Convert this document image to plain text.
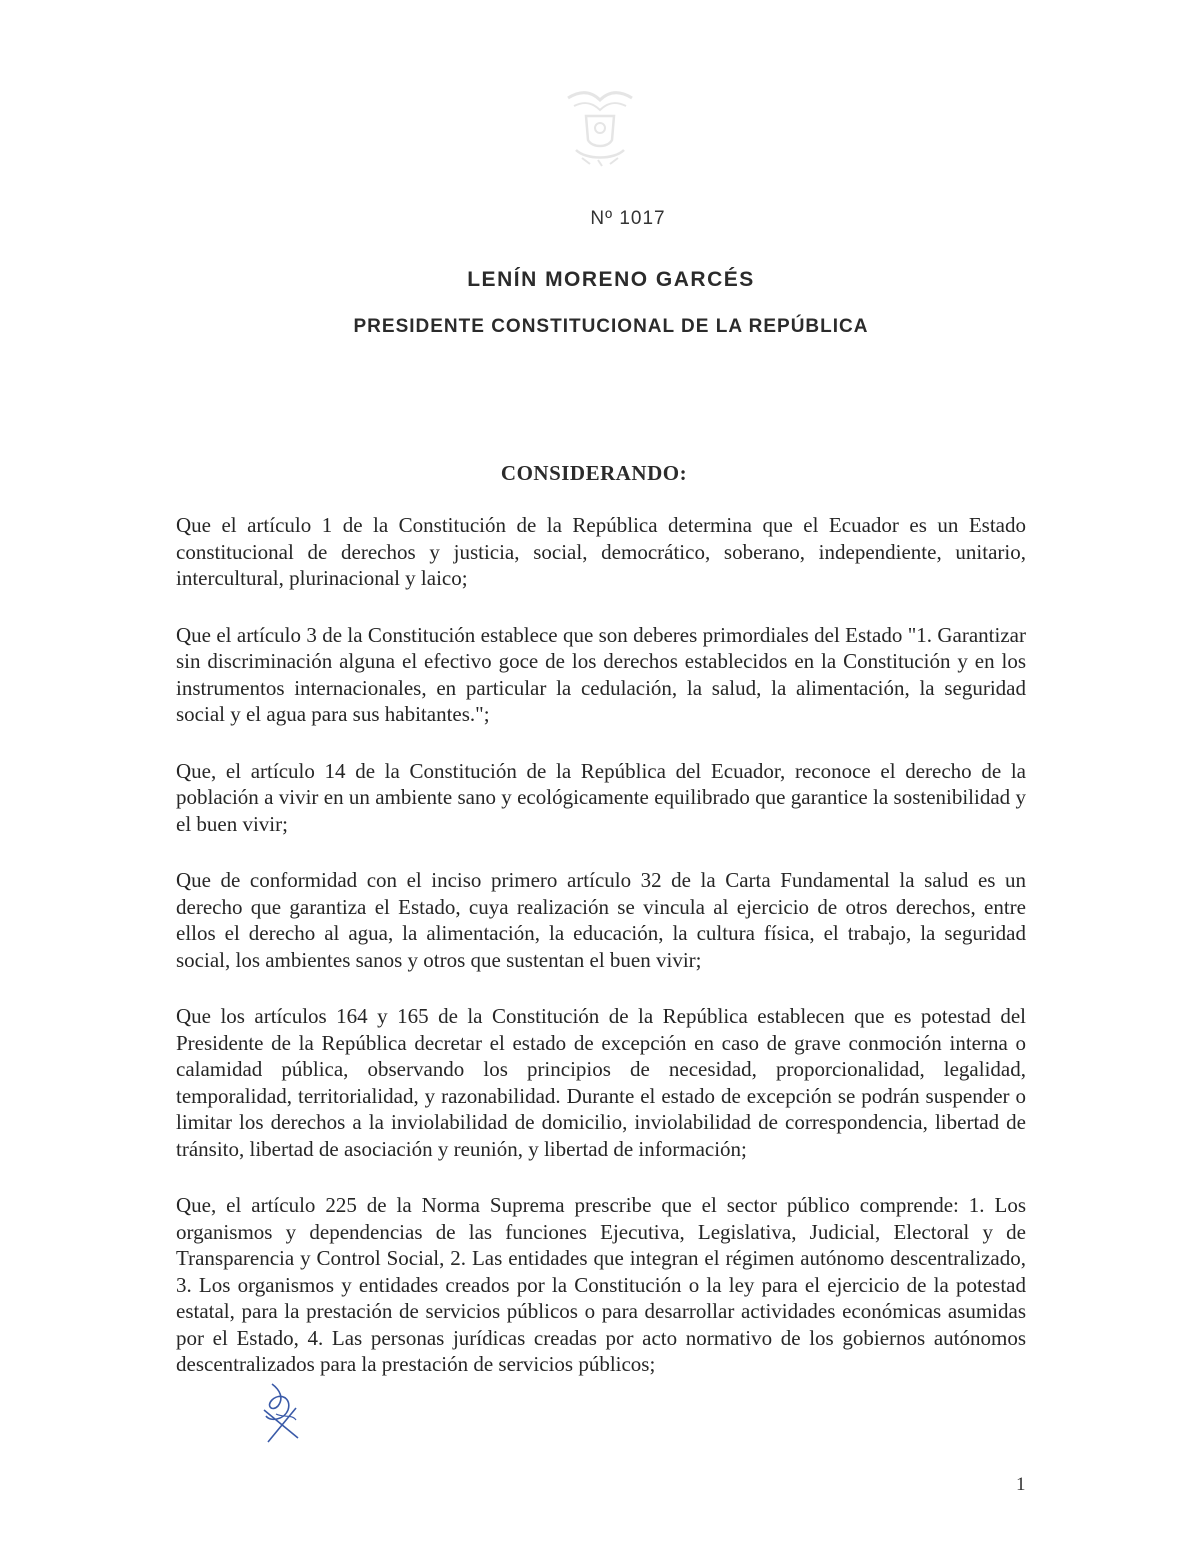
Nº 1017
LENÍN MORENO GARCÉS
PRESIDENTE CONSTITUCIONAL DE LA REPÚBLICA
CONSIDERANDO:

Que el artículo 1 de la Constitución de la República determina que el Ecuador es un Estado constitucional de derechos y justicia, social, democrático, soberano, independiente, unitario, intercultural, plurinacional y laico;

Que el artículo 3 de la Constitución establece que son deberes primordiales del Estado "1. Garantizar sin discriminación alguna el efectivo goce de los derechos establecidos en la Constitución y en los instrumentos internacionales, en particular la cedulación, la salud, la alimentación, la seguridad social y el agua para sus habitantes.";

Que, el artículo 14 de la Constitución de la República del Ecuador, reconoce el derecho de la población a vivir en un ambiente sano y ecológicamente equilibrado que garantice la sostenibilidad y el buen vivir;

Que de conformidad con el inciso primero artículo 32 de la Carta Fundamental la salud es un derecho que garantiza el Estado, cuya realización se vincula al ejercicio de otros derechos, entre ellos el derecho al agua, la alimentación, la educación, la cultura física, el trabajo, la seguridad social, los ambientes sanos y otros que sustentan el buen vivir;

Que los artículos 164 y 165 de la Constitución de la República establecen que es potestad del Presidente de la República decretar el estado de excepción en caso de grave conmoción interna o calamidad pública, observando los principios de necesidad, proporcionalidad, legalidad, temporalidad, territorialidad, y razonabilidad. Durante el estado de excepción se podrán suspender o limitar los derechos a la inviolabilidad de domicilio, inviolabilidad de correspondencia, libertad de tránsito, libertad de asociación y reunión, y libertad de información;

Que, el artículo 225 de la Norma Suprema prescribe que el sector público comprende: 1. Los organismos y dependencias de las funciones Ejecutiva, Legislativa, Judicial, Electoral y de Transparencia y Control Social, 2. Las entidades que integran el régimen autónomo descentralizado, 3. Los organismos y entidades creados por la Constitución o la ley para el ejercicio de la potestad estatal, para la prestación de servicios públicos o para desarrollar actividades económicas asumidas por el Estado, 4. Las personas jurídicas creadas por acto normativo de los gobiernos autónomos descentralizados para la prestación de servicios públicos;

1
